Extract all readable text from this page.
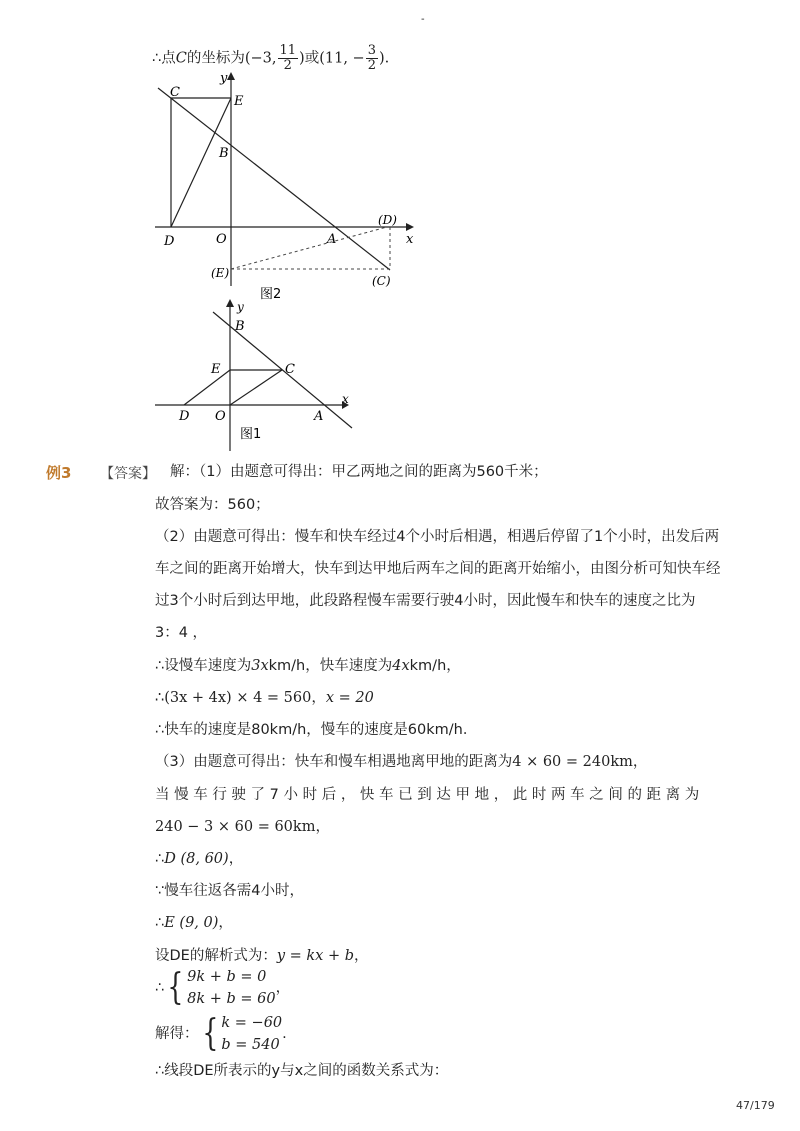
-
∴点C的坐标为(−3, $\frac{11}{2}$ )或(11, − $\frac{3}{2}$ ).
y
x
C
E
B
D	O	A
(D)
(E)
(C)
图2
y
x
B
E	C
D O	A
图1
例3 【答案】 解：（1）由题意可得出：甲乙两地之间的距离为560千米；
故答案为：560；
（2）由题意可得出：慢车和快车经过4个小时后相遇，相遇后停留了1个小时，出发后两
车之间的距离开始增大，快车到达甲地后两车之间的距离开始缩小，由图分析可知快车经
过3个小时后到达甲地，此段路程慢车需要行驶4小时，因此慢车和快车的速度之比为
3：4 ，
∴设慢车速度为3xkm/h，快车速度为4xkm/h，
∴(3x + 4x) × 4 = 560，x = 20
∴快车的速度是80km/h，慢车的速度是60km/h．
（3）由题意可得出：快车和慢车相遇地离甲地的距离为4 × 60 = 240km，
当 慢 车 行 驶 了 7 小 时 后 ， 快 车 已 到 达 甲 地 ， 此 时 两 车 之 间 的 距 离 为
240 − 3 × 60 = 60km，
∴D (8, 60)，
∵慢车往返各需4小时，
∴E (9, 0)，
设DE的解析式为：y = kx + b，
∴{ 9k + b = 0
8k + b = 60
，
解得：{ k = −60
b = 540
.
∴线段DE所表示的y与x之间的函数关系式为：
47/179
